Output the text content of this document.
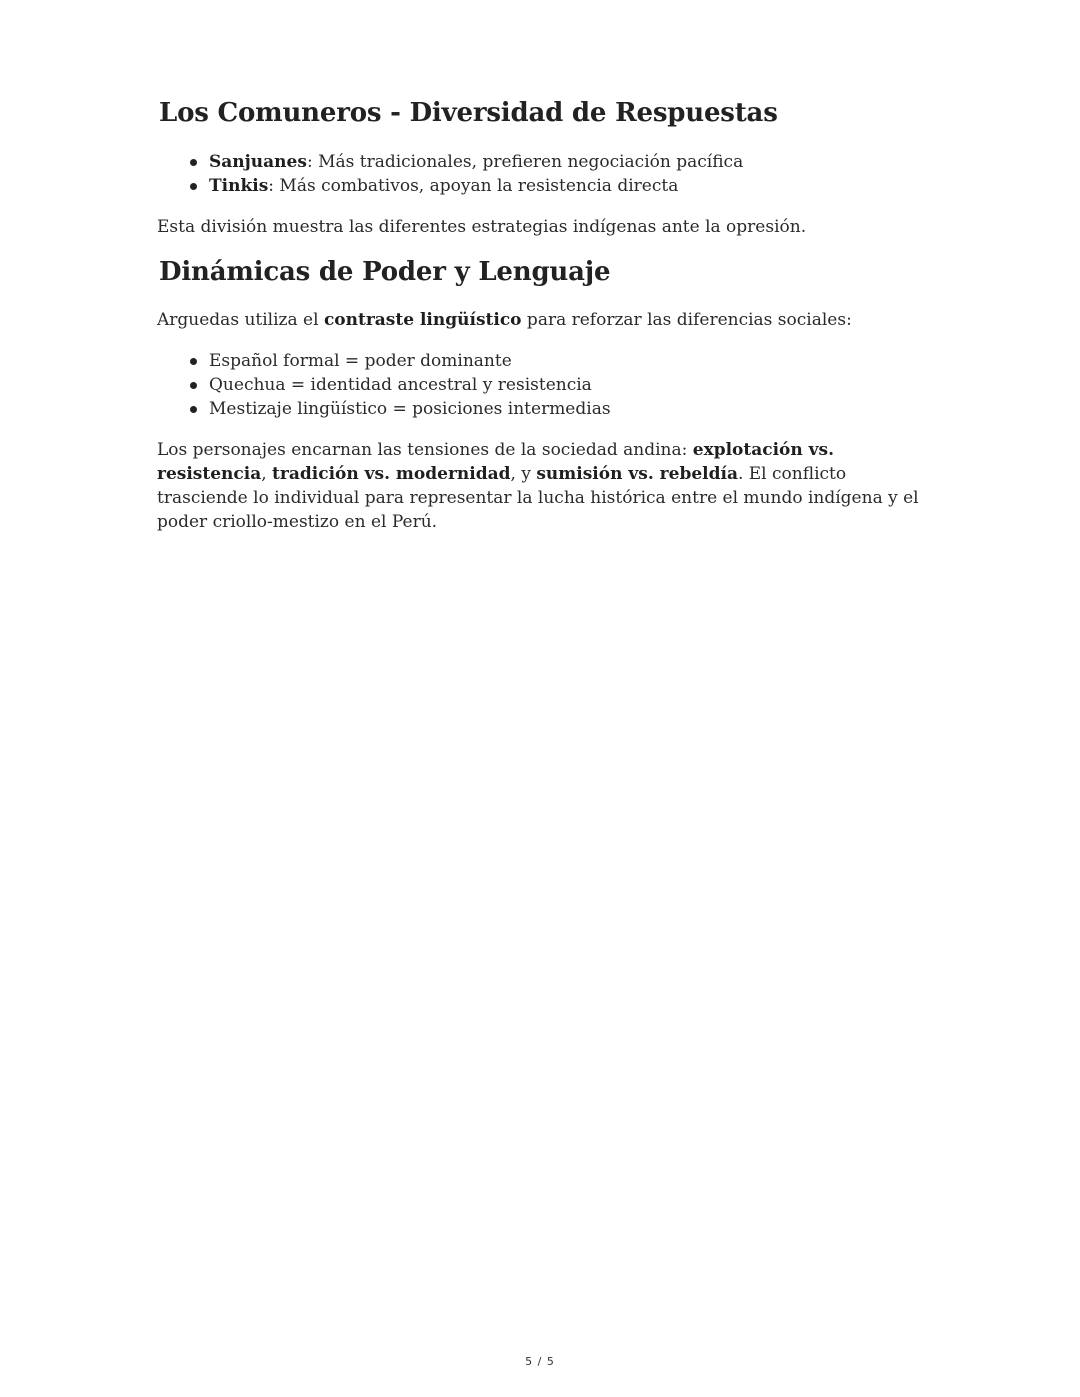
Los Comuneros - Diversidad de Respuestas
Sanjuanes: Más tradicionales, prefieren negociación pacífica
Tinkis: Más combativos, apoyan la resistencia directa

Esta división muestra las diferentes estrategias indígenas ante la opresión.

Dinámicas de Poder y Lenguaje

Arguedas utiliza el contraste lingüístico para reforzar las diferencias sociales:

Español formal = poder dominante
Quechua = identidad ancestral y resistencia
Mestizaje lingüístico = posiciones intermedias

Los personajes encarnan las tensiones de la sociedad andina: explotación vs. resistencia, tradición vs. modernidad, y sumisión vs. rebeldía. El conflicto trasciende lo individual para representar la lucha histórica entre el mundo indígena y el poder criollo-mestizo en el Perú.

5 / 5
